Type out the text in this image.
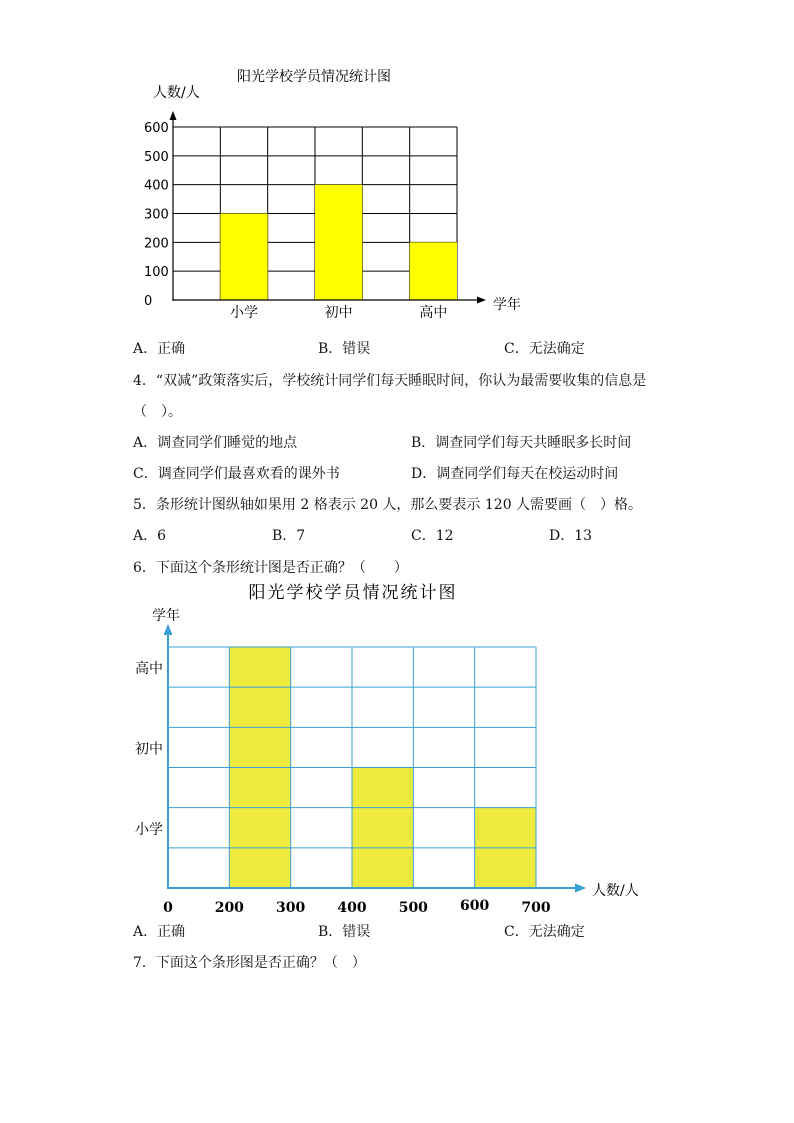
阳光学校学员情况统计图
人数/人
0
100
200
300
400
500
600
小学	初中	高中	学年
A．正确	B．错误	C．无法确定
4．“双减”政策落实后，学校统计同学们每天睡眠时间，你认为最需要收集的信息是
（　）。
A．调查同学们睡觉的地点	B．调查同学们每天共睡眠多长时间
C．调查同学们最喜欢看的课外书	D．调查同学们每天在校运动时间
5．条形统计图纵轴如果用 2 格表示 20 人，那么要表示 120 人需要画（　）格。
A．6	B．7	C．12	D．13
6．下面这个条形统计图是否正确？（　　）
阳光学校学员情况统计图
学年
高中
初中
小学
0	200 300 400 500 600 700
人数/人
A．正确	B．错误	C．无法确定
7．下面这个条形图是否正确？（　）
